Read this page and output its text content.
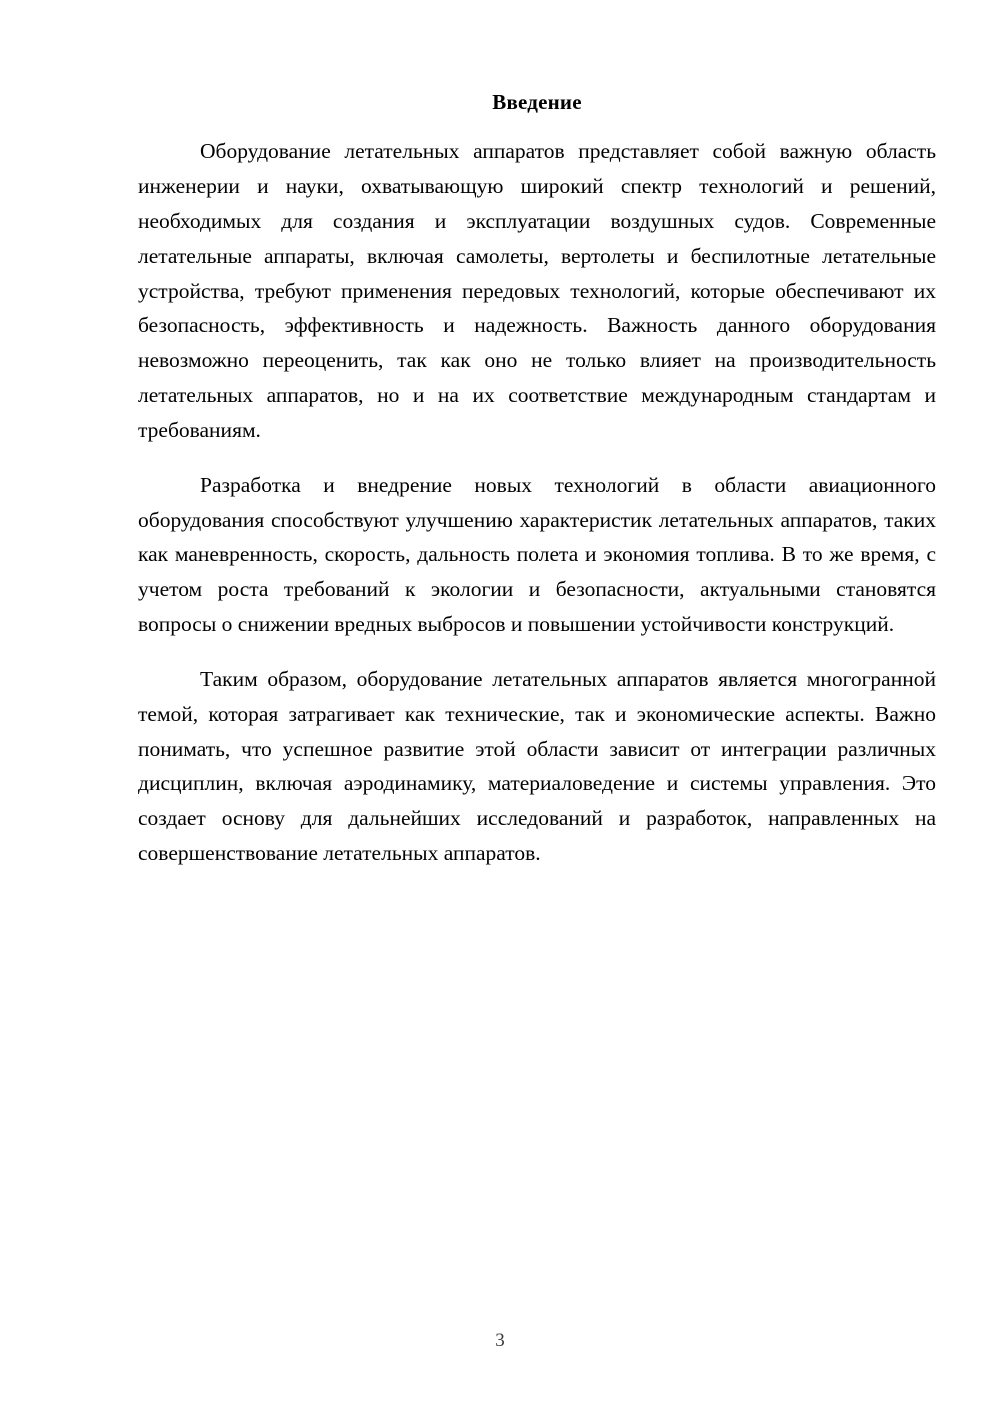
Введение

Оборудование летательных аппаратов представляет собой важную область инженерии и науки, охватывающую широкий спектр технологий и решений, необходимых для создания и эксплуатации воздушных судов. Современные летательные аппараты, включая самолеты, вертолеты и беспилотные летательные устройства, требуют применения передовых технологий, которые обеспечивают их безопасность, эффективность и надежность. Важность данного оборудования невозможно переоценить, так как оно не только влияет на производительность летательных аппаратов, но и на их соответствие международным стандартам и требованиям.

Разработка и внедрение новых технологий в области авиационного оборудования способствуют улучшению характеристик летательных аппаратов, таких как маневренность, скорость, дальность полета и экономия топлива. В то же время, с учетом роста требований к экологии и безопасности, актуальными становятся вопросы о снижении вредных выбросов и повышении устойчивости конструкций.

Таким образом, оборудование летательных аппаратов является многогранной темой, которая затрагивает как технические, так и экономические аспекты. Важно понимать, что успешное развитие этой области зависит от интеграции различных дисциплин, включая аэродинамику, материаловедение и системы управления. Это создает основу для дальнейших исследований и разработок, направленных на совершенствование летательных аппаратов.

3
